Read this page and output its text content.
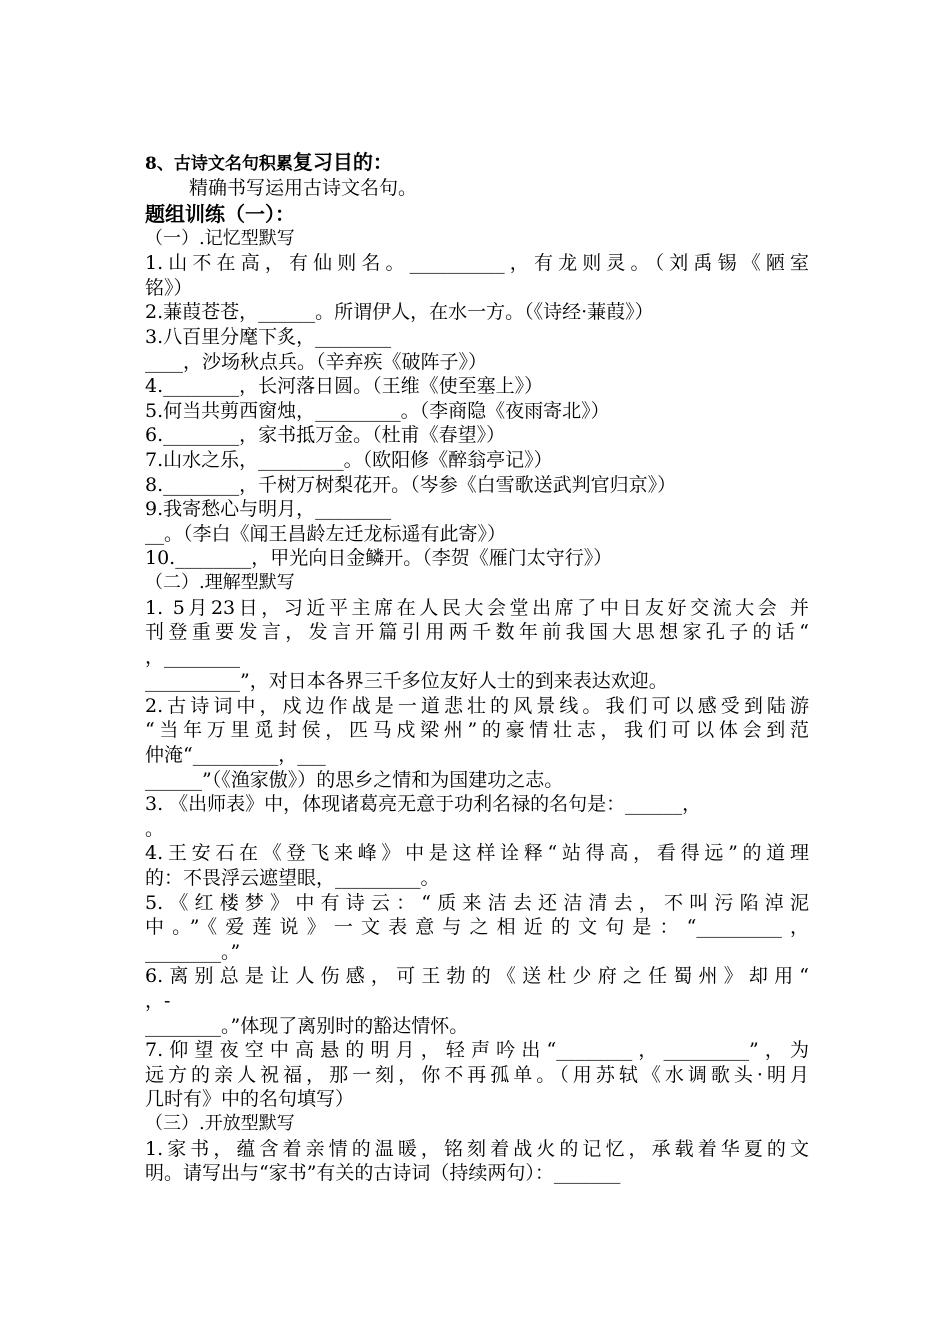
8、古诗文名句积累复习目的：
精确书写运用古诗文名句。
题组训练（一）：
（一）.记忆型默写
1.山不在高，有仙则名。__________，有龙则灵。（刘禹锡《陋室
铭》）
2.蒹葭苍苍，______。所谓伊人，在水一方。（《诗经·蒹葭》）
3.八百里分麾下炙，________
____，沙场秋点兵。（辛弃疾《破阵子》）
4.________，长河落日圆。（王维《使至塞上》）
5.何当共剪西窗烛，_________。（李商隐《夜雨寄北》）
6.________，家书抵万金。（杜甫《春望》）
7.山水之乐，_________。（欧阳修《醉翁亭记》）
8.________，千树万树梨花开。（岑参《白雪歌送武判官归京》）
9.我寄愁心与明月，________
__。（李白《闻王昌龄左迁龙标遥有此寄》）
10.________，甲光向日金鳞开。（李贺《雁门太守行》）
（二）.理解型默写
1. 5月23日，习近平主席在人民大会堂出席了中日友好交流大会 并
刊登重要发言，发言开篇引用两千数年前我国大思想家孔子的话“
，________
__________”，对日本各界三千多位友好人士的到来表达欢迎。
2.古诗词中，戍边作战是一道悲壮的风景线。我们可以感受到陆游
“当年万里觅封侯，匹马戍梁州”的豪情壮志，我们可以体会到范
仲淹“_________，___
______”（《渔家傲》）的思乡之情和为国建功之志。
3. 《出师表》中，体现诸葛亮无意于功利名禄的名句是：______，
。
4.王安石在《登飞来峰》中是这样诠释“站得高，看得远”的道理
的：不畏浮云遮望眼，_________。
5.《红楼梦》中有诗云：“质来洁去还洁清去，不叫污陷淖泥
中。”《爱莲说》一文表意与之相近的文句是：“_________，
________。”
6.离别总是让人伤感，可王勃的《送杜少府之任蜀州》却用“
，-
________。”体现了离别时的豁达情怀。
7.仰望夜空中高悬的明月，轻声吟出“________，_________”，为
远方的亲人祝福，那一刻，你不再孤单。（用苏轼《水调歌头·明月
几时有》中的名句填写）
（三）.开放型默写
1.家书，蕴含着亲情的温暖，铭刻着战火的记忆，承载着华夏的文
明。请写出与“家书”有关的古诗词（持续两句）：_______
